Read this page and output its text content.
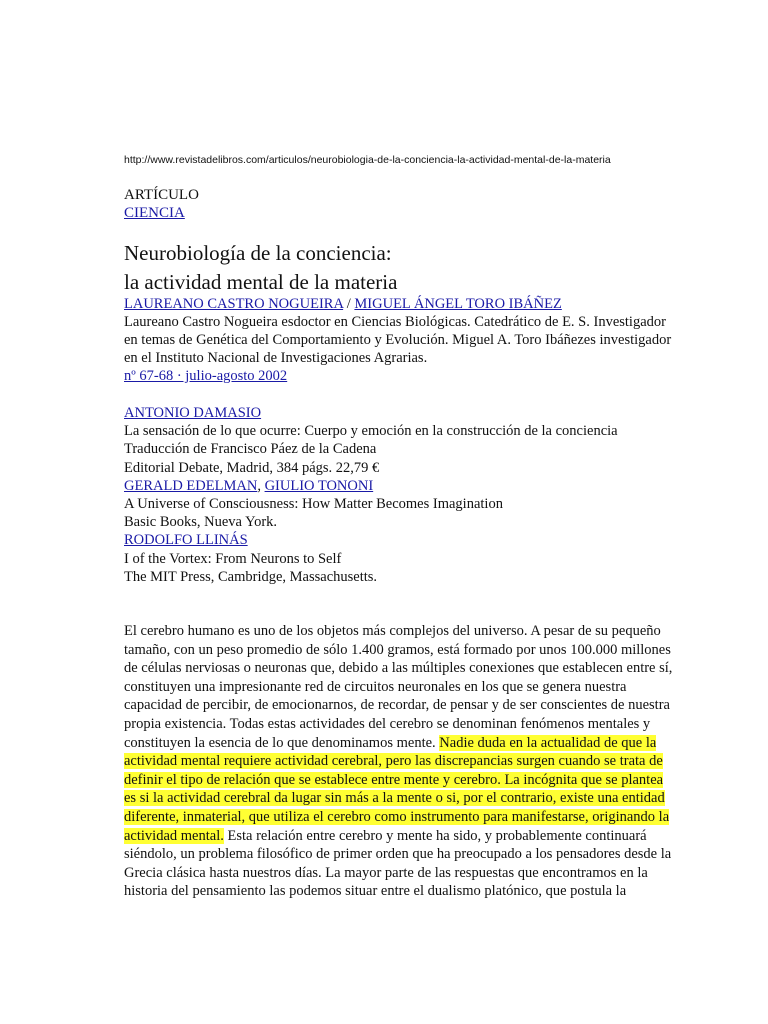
http://www.revistadelibros.com/articulos/neurobiologia-de-la-conciencia-la-actividad-mental-de-la-materia
ARTÍCULO
CIENCIA
Neurobiología de la conciencia:
la actividad mental de la materia
LAUREANO CASTRO NOGUEIRA / MIGUEL ÁNGEL TORO IBÁÑEZ
Laureano Castro Nogueira esdoctor en Ciencias Biológicas. Catedrático de E. S. Investigador
en temas de Genética del Comportamiento y Evolución. Miguel A. Toro Ibáñezes investigador
en el Instituto Nacional de Investigaciones Agrarias.
nº 67-68 · julio-agosto 2002
ANTONIO DAMASIO
La sensación de lo que ocurre: Cuerpo y emoción en la construcción de la conciencia
Traducción de Francisco Páez de la Cadena
Editorial Debate, Madrid, 384 págs. 22,79 €
GERALD EDELMAN, GIULIO TONONI
A Universe of Consciousness: How Matter Becomes Imagination
Basic Books, Nueva York.
RODOLFO LLINÁS
I of the Vortex: From Neurons to Self
The MIT Press, Cambridge, Massachusetts.
El cerebro humano es uno de los objetos más complejos del universo. A pesar de su pequeño
tamaño, con un peso promedio de sólo 1.400 gramos, está formado por unos 100.000 millones
de células nerviosas o neuronas que, debido a las múltiples conexiones que establecen entre sí,
constituyen una impresionante red de circuitos neuronales en los que se genera nuestra
capacidad de percibir, de emocionarnos, de recordar, de pensar y de ser conscientes de nuestra
propia existencia. Todas estas actividades del cerebro se denominan fenómenos mentales y
constituyen la esencia de lo que denominamos mente. Nadie duda en la actualidad de que la
actividad mental requiere actividad cerebral, pero las discrepancias surgen cuando se trata de
definir el tipo de relación que se establece entre mente y cerebro. La incógnita que se plantea
es si la actividad cerebral da lugar sin más a la mente o si, por el contrario, existe una entidad
diferente, inmaterial, que utiliza el cerebro como instrumento para manifestarse, originando la
actividad mental. Esta relación entre cerebro y mente ha sido, y probablemente continuará
siéndolo, un problema filosófico de primer orden que ha preocupado a los pensadores desde la
Grecia clásica hasta nuestros días. La mayor parte de las respuestas que encontramos en la
historia del pensamiento las podemos situar entre el dualismo platónico, que postula la
